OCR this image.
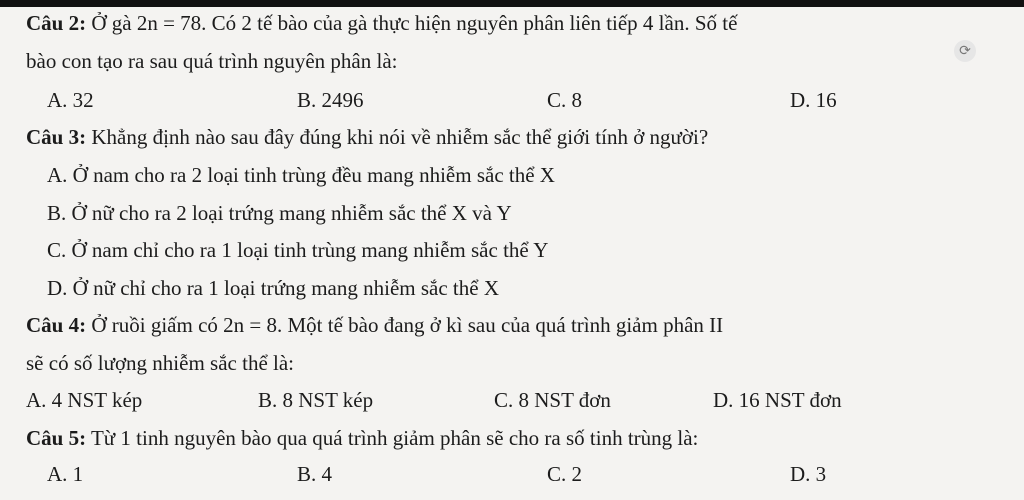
Câu 2: Ở gà 2n = 78. Có 2 tế bào của gà thực hiện nguyên phân liên tiếp 4 lần. Số tế
bào con tạo ra sau quá trình nguyên phân là:
A. 32	B. 2496	C. 8	D. 16
⟳
Câu 3: Khẳng định nào sau đây đúng khi nói về nhiễm sắc thể giới tính ở người?
A. Ở nam cho ra 2 loại tinh trùng đều mang nhiễm sắc thể X
B. Ở nữ cho ra 2 loại trứng mang nhiễm sắc thể X và Y
C. Ở nam chỉ cho ra 1 loại tinh trùng mang nhiễm sắc thể Y
D. Ở nữ chỉ cho ra 1 loại trứng mang nhiễm sắc thể X
Câu 4: Ở ruồi giấm có 2n = 8. Một tế bào đang ở kì sau của quá trình giảm phân II
sẽ có số lượng nhiễm sắc thể là:
A. 4 NST kép	B. 8 NST kép	C. 8 NST đơn	D. 16 NST đơn
Câu 5: Từ 1 tinh nguyên bào qua quá trình giảm phân sẽ cho ra số tinh trùng là:
A. 1	B. 4	C. 2	D. 3
